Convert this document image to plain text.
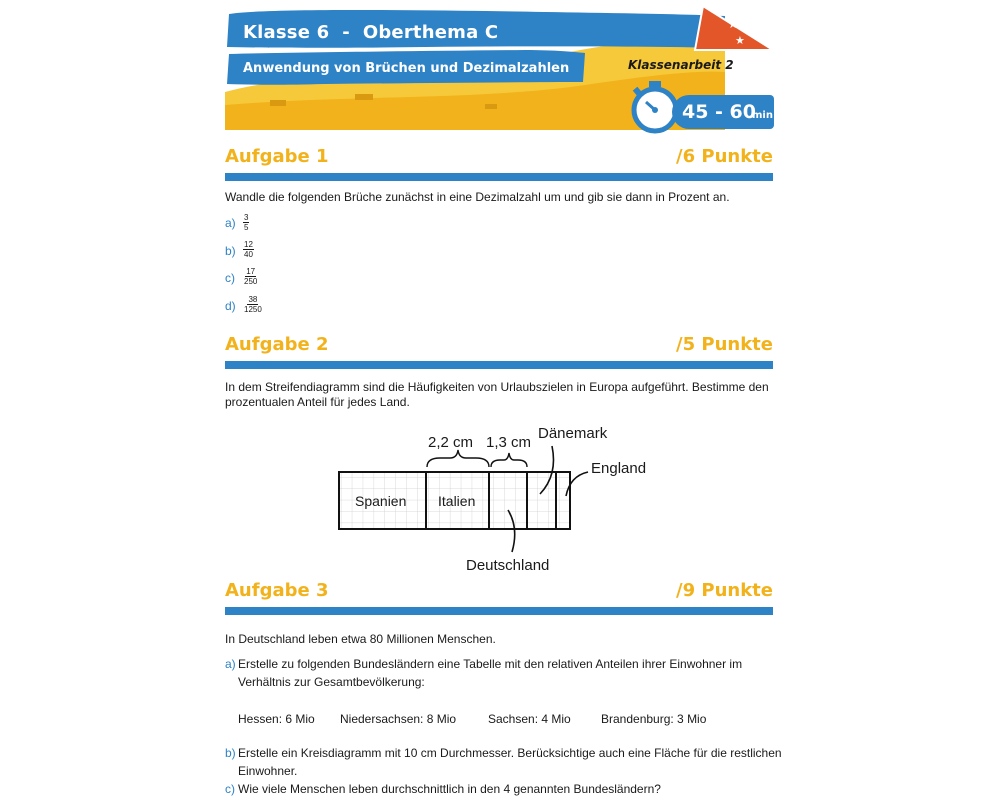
★
★
Klasse 6  -  Oberthema C
Anwendung von Brüchen und Dezimalzahlen	Klassenarbeit 2
45 - 60
min
Aufgabe 1	/6 Punkte
Wandle die folgenden Brüche zunächst in eine Dezimalzahl um und gib sie dann in Prozent an.
$a) \frac{3}{5}$
$b) \frac{12}{40}$
$c) \frac{17}{250}$
$d) \frac{38}{1250}$
Aufgabe 2	/5 Punkte
In dem Streifendiagramm sind die Häufigkeiten von Urlaubszielen in Europa aufgeführt. Bestimme den
prozentualen Anteil für jedes Land.
2,2 cm 1,3 cm
Dänemark
England
Spanien Italien
Deutschland
Aufgabe 3	/9 Punkte
In Deutschland leben etwa 80 Millionen Menschen.
a) Erstelle zu folgenden Bundesländern eine Tabelle mit den relativen Anteilen ihrer Einwohner im
Verhältnis zur Gesamtbevölkerung:
Hessen: 6 Mio Niedersachsen: 8 Mio	Sachsen: 4 Mio	Brandenburg: 3 Mio
b) Erstelle ein Kreisdiagramm mit 10 cm Durchmesser. Berücksichtige auch eine Fläche für die restlichen
Einwohner.
c) Wie viele Menschen leben durchschnittlich in den 4 genannten Bundesländern?
